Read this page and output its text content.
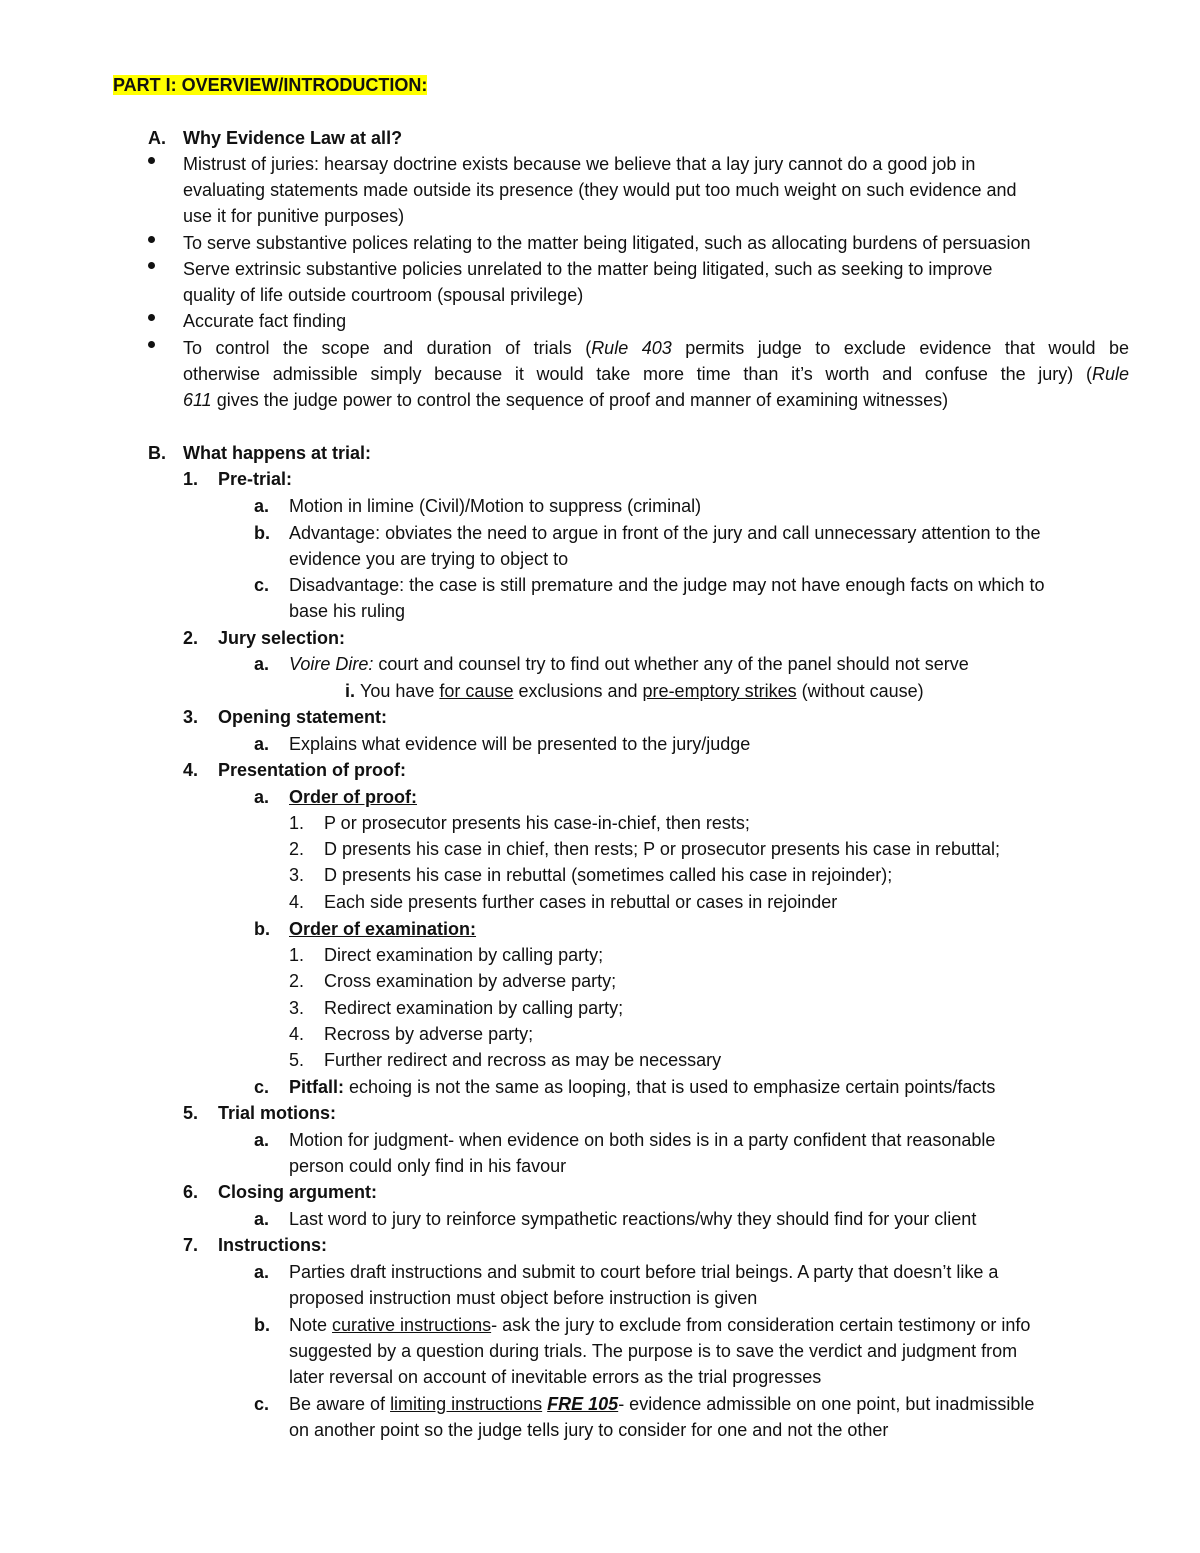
PART I: OVERVIEW/INTRODUCTION:
A. Why Evidence Law at all?
Mistrust of juries: hearsay doctrine exists because we believe that a lay jury cannot do a good job in
evaluating statements made outside its presence (they would put too much weight on such evidence and
use it for punitive purposes)
To serve substantive polices relating to the matter being litigated, such as allocating burdens of persuasion
Serve extrinsic substantive policies unrelated to the matter being litigated, such as seeking to improve
quality of life outside courtroom (spousal privilege)
Accurate fact finding
To control the scope and duration of trials (Rule 403 permits judge to exclude evidence that would be
otherwise admissible simply because it would take more time than it’s worth and confuse the jury) (Rule
611 gives the judge power to control the sequence of proof and manner of examining witnesses)
B. What happens at trial:
1. Pre-trial:
a. Motion in limine (Civil)/Motion to suppress (criminal)
b. Advantage: obviates the need to argue in front of the jury and call unnecessary attention to the
evidence you are trying to object to
c. Disadvantage: the case is still premature and the judge may not have enough facts on which to
base his ruling
2. Jury selection:
a. Voire Dire: court and counsel try to find out whether any of the panel should not serve
i. You have for cause exclusions and pre-emptory strikes (without cause)
3. Opening statement:
a. Explains what evidence will be presented to the jury/judge
4. Presentation of proof:
a. Order of proof:
1. P or prosecutor presents his case-in-chief, then rests;
2. D presents his case in chief, then rests; P or prosecutor presents his case in rebuttal;
3. D presents his case in rebuttal (sometimes called his case in rejoinder);
4. Each side presents further cases in rebuttal or cases in rejoinder
b. Order of examination:
1. Direct examination by calling party;
2. Cross examination by adverse party;
3. Redirect examination by calling party;
4. Recross by adverse party;
5. Further redirect and recross as may be necessary
c. Pitfall: echoing is not the same as looping, that is used to emphasize certain points/facts
5. Trial motions:
a. Motion for judgment- when evidence on both sides is in a party confident that reasonable
person could only find in his favour
6. Closing argument:
a. Last word to jury to reinforce sympathetic reactions/why they should find for your client
7. Instructions:
a. Parties draft instructions and submit to court before trial beings. A party that doesn’t like a
proposed instruction must object before instruction is given
b. Note curative instructions- ask the jury to exclude from consideration certain testimony or info
suggested by a question during trials. The purpose is to save the verdict and judgment from
later reversal on account of inevitable errors as the trial progresses
c. Be aware of limiting instructions FRE 105- evidence admissible on one point, but inadmissible
on another point so the judge tells jury to consider for one and not the other
